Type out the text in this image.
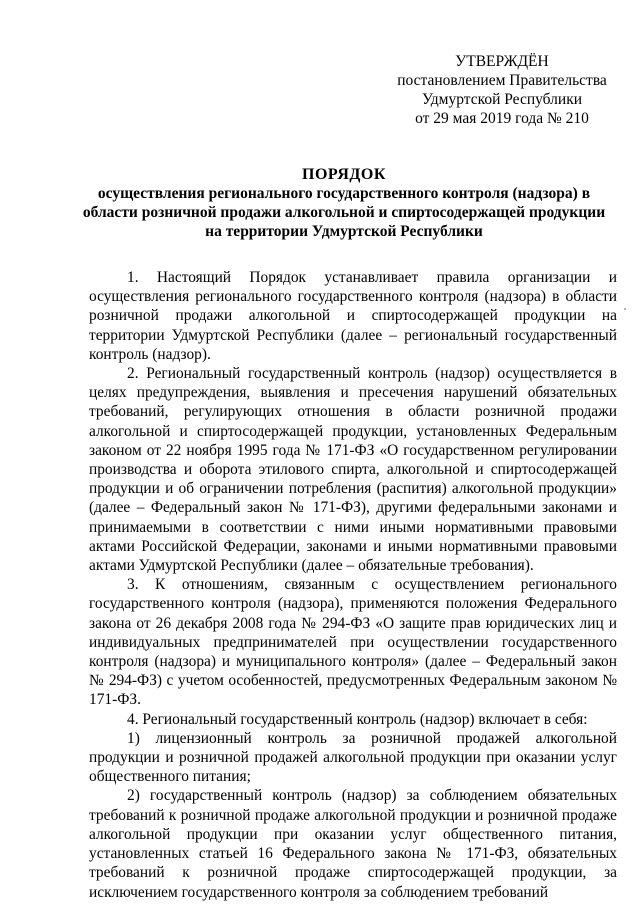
УТВЕРЖДЁН
постановлением Правительства
Удмуртской Республики
от 29 мая 2019 года № 210
ПОРЯДОК
осуществления регионального государственного контроля (надзора) в
области розничной продажи алкогольной и спиртосодержащей продукции
на территории Удмуртской Республики

1. Настоящий Порядок устанавливает правила организации и осуществления регионального государственного контроля (надзора) в области розничной продажи алкогольной и спиртосодержащей продукции на территории Удмуртской Республики (далее – региональный государственный контроль (надзор).

2. Региональный государственный контроль (надзор) осуществляется в целях предупреждения, выявления и пресечения нарушений обязательных требований, регулирующих отношения в области розничной продажи алкогольной и спиртосодержащей продукции, установленных Федеральным законом от 22 ноября 1995 года № 171-ФЗ «О государственном регулировании производства и оборота этилового спирта, алкогольной и спиртосодержащей продукции и об ограничении потребления (распития) алкогольной продукции» (далее – Федеральный закон № 171-ФЗ), другими федеральными законами и принимаемыми в соответствии с ними иными нормативными правовыми актами Российской Федерации, законами и иными нормативными правовыми актами Удмуртской Республики (далее – обязательные требования).

3. К отношениям, связанным с осуществлением регионального государственного контроля (надзора), применяются положения Федерального закона от 26 декабря 2008 года № 294-ФЗ «О защите прав юридических лиц и индивидуальных предпринимателей при осуществлении государственного контроля (надзора) и муниципального контроля» (далее – Федеральный закон № 294-ФЗ) с учетом особенностей, предусмотренных Федеральным законом № 171-ФЗ.

4. Региональный государственный контроль (надзор) включает в себя:

1) лицензионный контроль за розничной продажей алкогольной продукции и розничной продажей алкогольной продукции при оказании услуг общественного питания;

2) государственный контроль (надзор) за соблюдением обязательных требований к розничной продаже алкогольной продукции и розничной продаже алкогольной продукции при оказании услуг общественного питания, установленных статьей 16 Федерального закона № 171-ФЗ, обязательных требований к розничной продаже спиртосодержащей продукции, за исключением государственного контроля за соблюдением требований
